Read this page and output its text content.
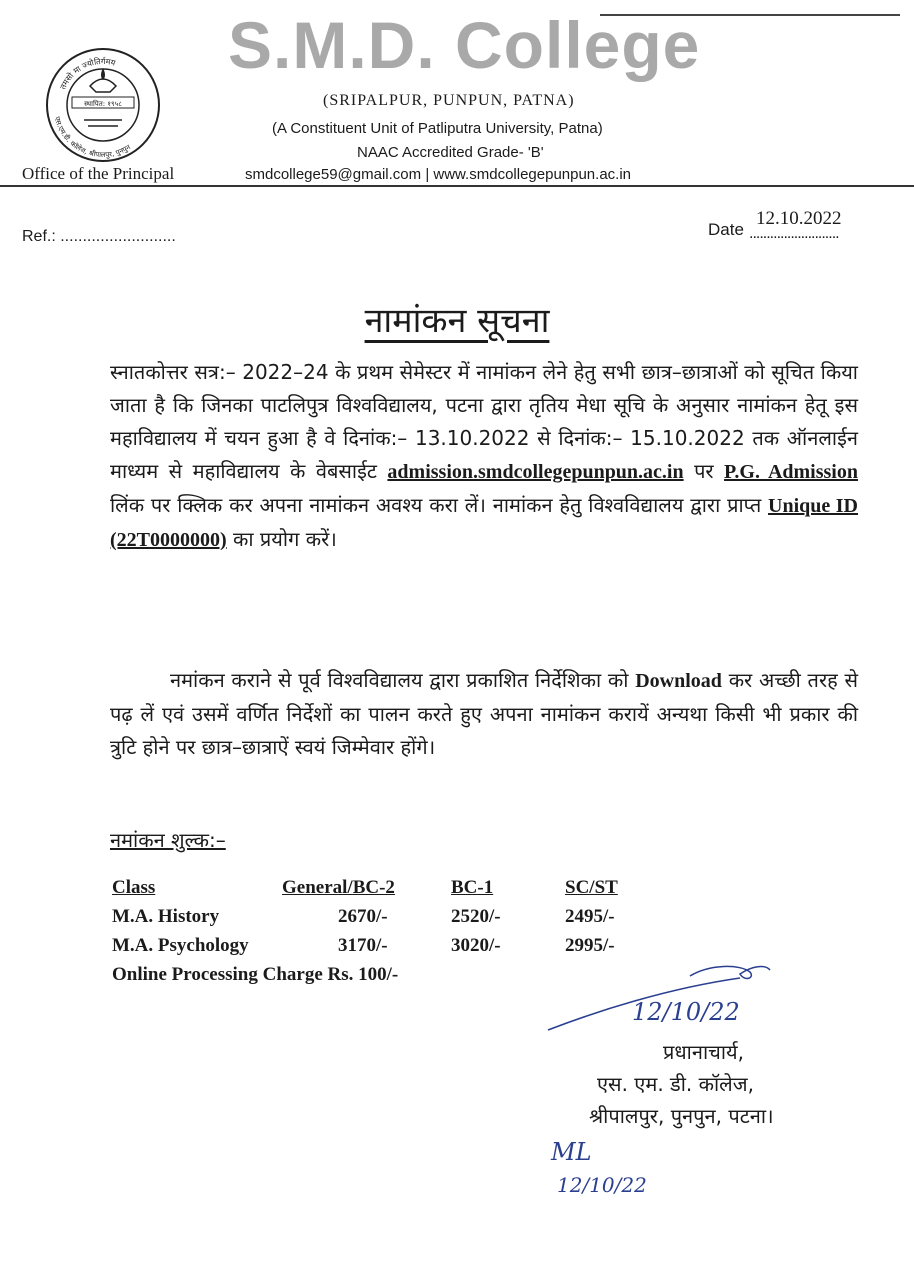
तमसो मा ज्योतिर्गमय
एस.एम.डी. कॉलेज, श्रीपालपुर, पुनपुन
स्थापित: १९५८
Office of the Principal
S.M.D. College
(SRIPALPUR, PUNPUN, PATNA)
(A Constituent Unit of Patliputra University, Patna)
NAAC Accredited Grade- 'B'
smdcollege59@gmail.com | www.smdcollegepunpun.ac.in
Ref.: ..........................	Date
12.10.2022
..........................
नामांकन सूचना
स्नातकोत्तर सत्र:– 2022–24 के प्रथम सेमेस्टर में नामांकन लेने हेतु सभी छात्र–छात्राओं को सूचित किया जाता है कि जिनका पाटलिपुत्र विश्वविद्यालय, पटना द्वारा तृतिय मेधा सूचि के अनुसार नामांकन हेतू इस महाविद्यालय में चयन हुआ है वे दिनांक:– 13.10.2022 से दिनांक:– 15.10.2022 तक ऑनलाईन माध्यम से महाविद्यालय के वेबसाईट admission.smdcollegepunpun.ac.in पर P.G. Admission लिंक पर क्लिक कर अपना नामांकन अवश्य करा लें। नामांकन हेतु विश्वविद्यालय द्वारा प्राप्त Unique ID (22T0000000) का प्रयोग करें।
नमांकन कराने से पूर्व विश्वविद्यालय द्वारा प्रकाशित निर्देशिका को Download कर अच्छी तरह से पढ़ लें एवं उसमें वर्णित निर्देशों का पालन करते हुए अपना नामांकन करायें अन्यथा किसी भी प्रकार की त्रुटि होने पर छात्र–छात्राऐं स्वयं जिम्मेवार होंगे।
नमांकन शुल्क:–
Class	General/BC-2	BC-1	SC/ST
M.A. History	2670/-	2520/-	2495/-
M.A. Psychology	3170/-	3020/-	2995/-
Online Processing Charge Rs. 100/-
12/10/22
प्रधानाचार्य,
एस. एम. डी. कॉलेज,
श्रीपालपुर, पुनपुन, पटना।
ML
12/10/22
